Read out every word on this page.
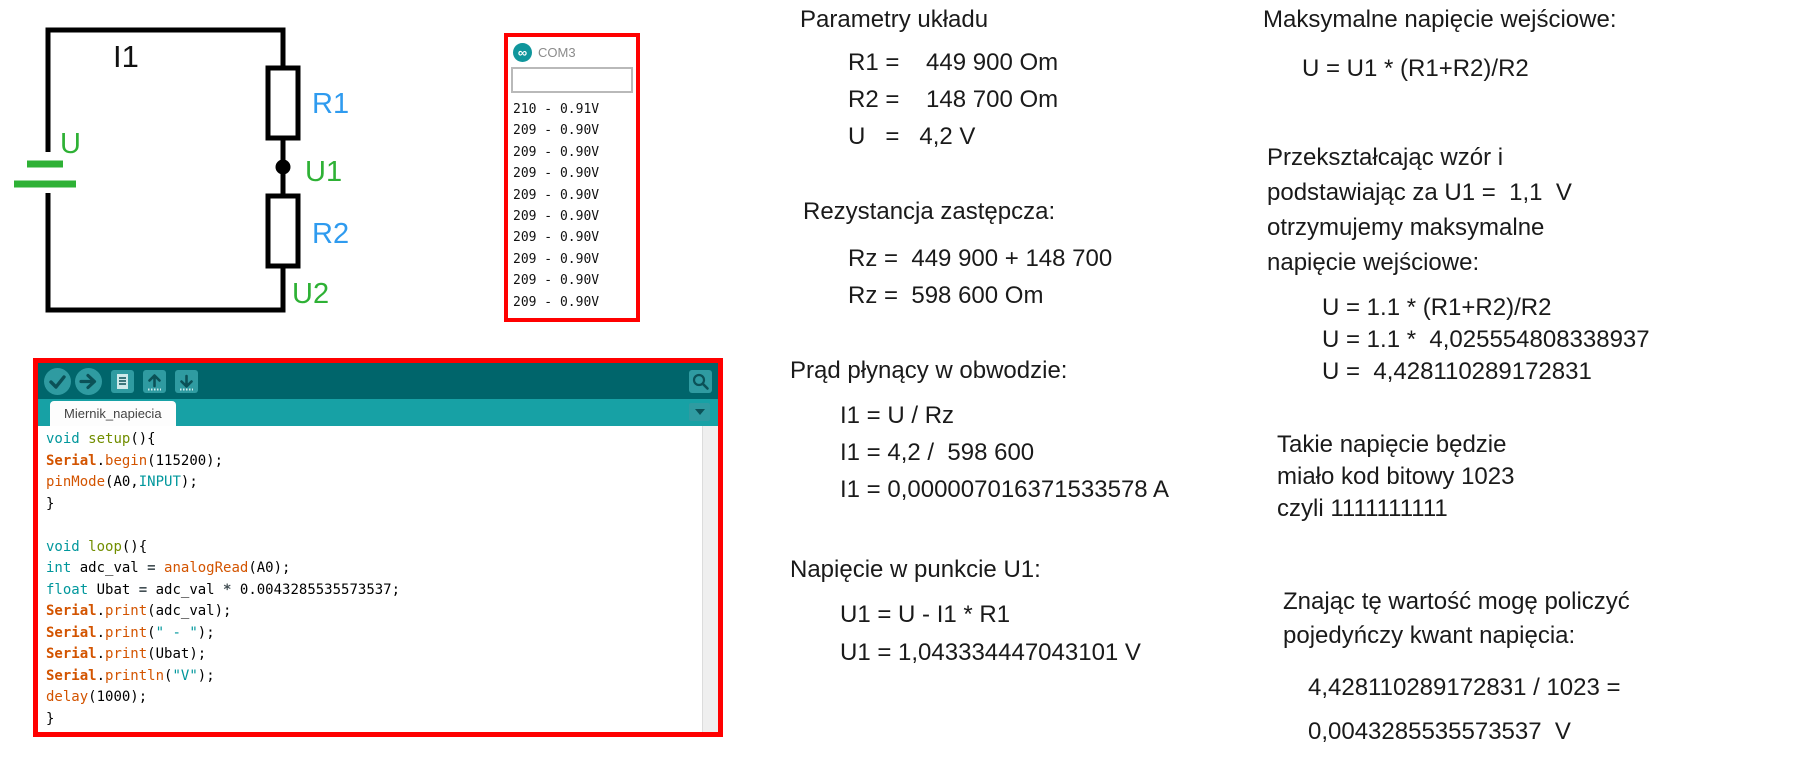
I1
U
R1
U1
R2
U2
∞ COM3
210 - 0.91V
209 - 0.90V
209 - 0.90V
209 - 0.90V
209 - 0.90V
209 - 0.90V
209 - 0.90V
209 - 0.90V
209 - 0.90V
209 - 0.90V
Miernik_napiecia
void setup(){
Serial.begin(115200);
pinMode(A0,INPUT);
}

void loop(){
int adc_val = analogRead(A0);
float Ubat = adc_val * 0.0043285535573537;
Serial.print(adc_val);
Serial.print(" - ");
Serial.print(Ubat);
Serial.println("V");
delay(1000);
}
Parametry układu
R1 =    449 900 Om
R2 =    148 700 Om
U   =   4,2 V
Rezystancja zastępcza:
Rz =  449 900 + 148 700
Rz =  598 600 Om
Prąd płynący w obwodzie:
I1 = U / Rz
I1 = 4,2 /  598 600
I1 = 0,000007016371533578 A
Napięcie w punkcie U1:
U1 = U - I1 * R1
U1 = 1,043334447043101 V
Maksymalne napięcie wejściowe:
U = U1 * (R1+R2)/R2
Przekształcając wzór i
podstawiając za U1 =  1,1  V
otrzymujemy maksymalne
napięcie wejściowe:
U = 1.1 * (R1+R2)/R2
U = 1.1 *  4,025554808338937
U =  4,428110289172831
Takie napięcie będzie
miało kod bitowy 1023
czyli 1111111111
Znając tę wartość mogę policzyć
pojedyńczy kwant napięcia:
4,428110289172831 / 1023 =
0,0043285535573537  V
